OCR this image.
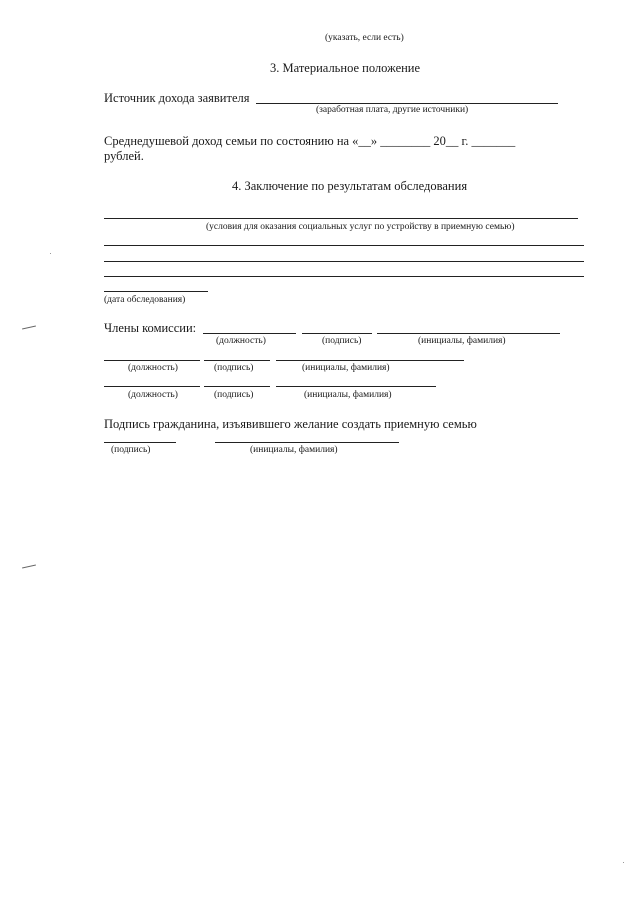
(указать, если есть)
3. Материальное положение
Источник дохода заявителя
(заработная плата, другие источники)
Среднедушевой доход семьи по состоянию на «__» ________ 20__ г. _______
рублей.
4. Заключение по результатам обследования
(условия для оказания социальных услуг по устройству в приемную семью)
(дата обследования)
Члены комиссии:
(должность)	(подпись)	(инициалы, фамилия)
(должность)	(подпись)	(инициалы, фамилия)
(должность)	(подпись)	(инициалы, фамилия)
Подпись гражданина, изъявившего желание создать приемную семью
(подпись)	(инициалы, фамилия)
